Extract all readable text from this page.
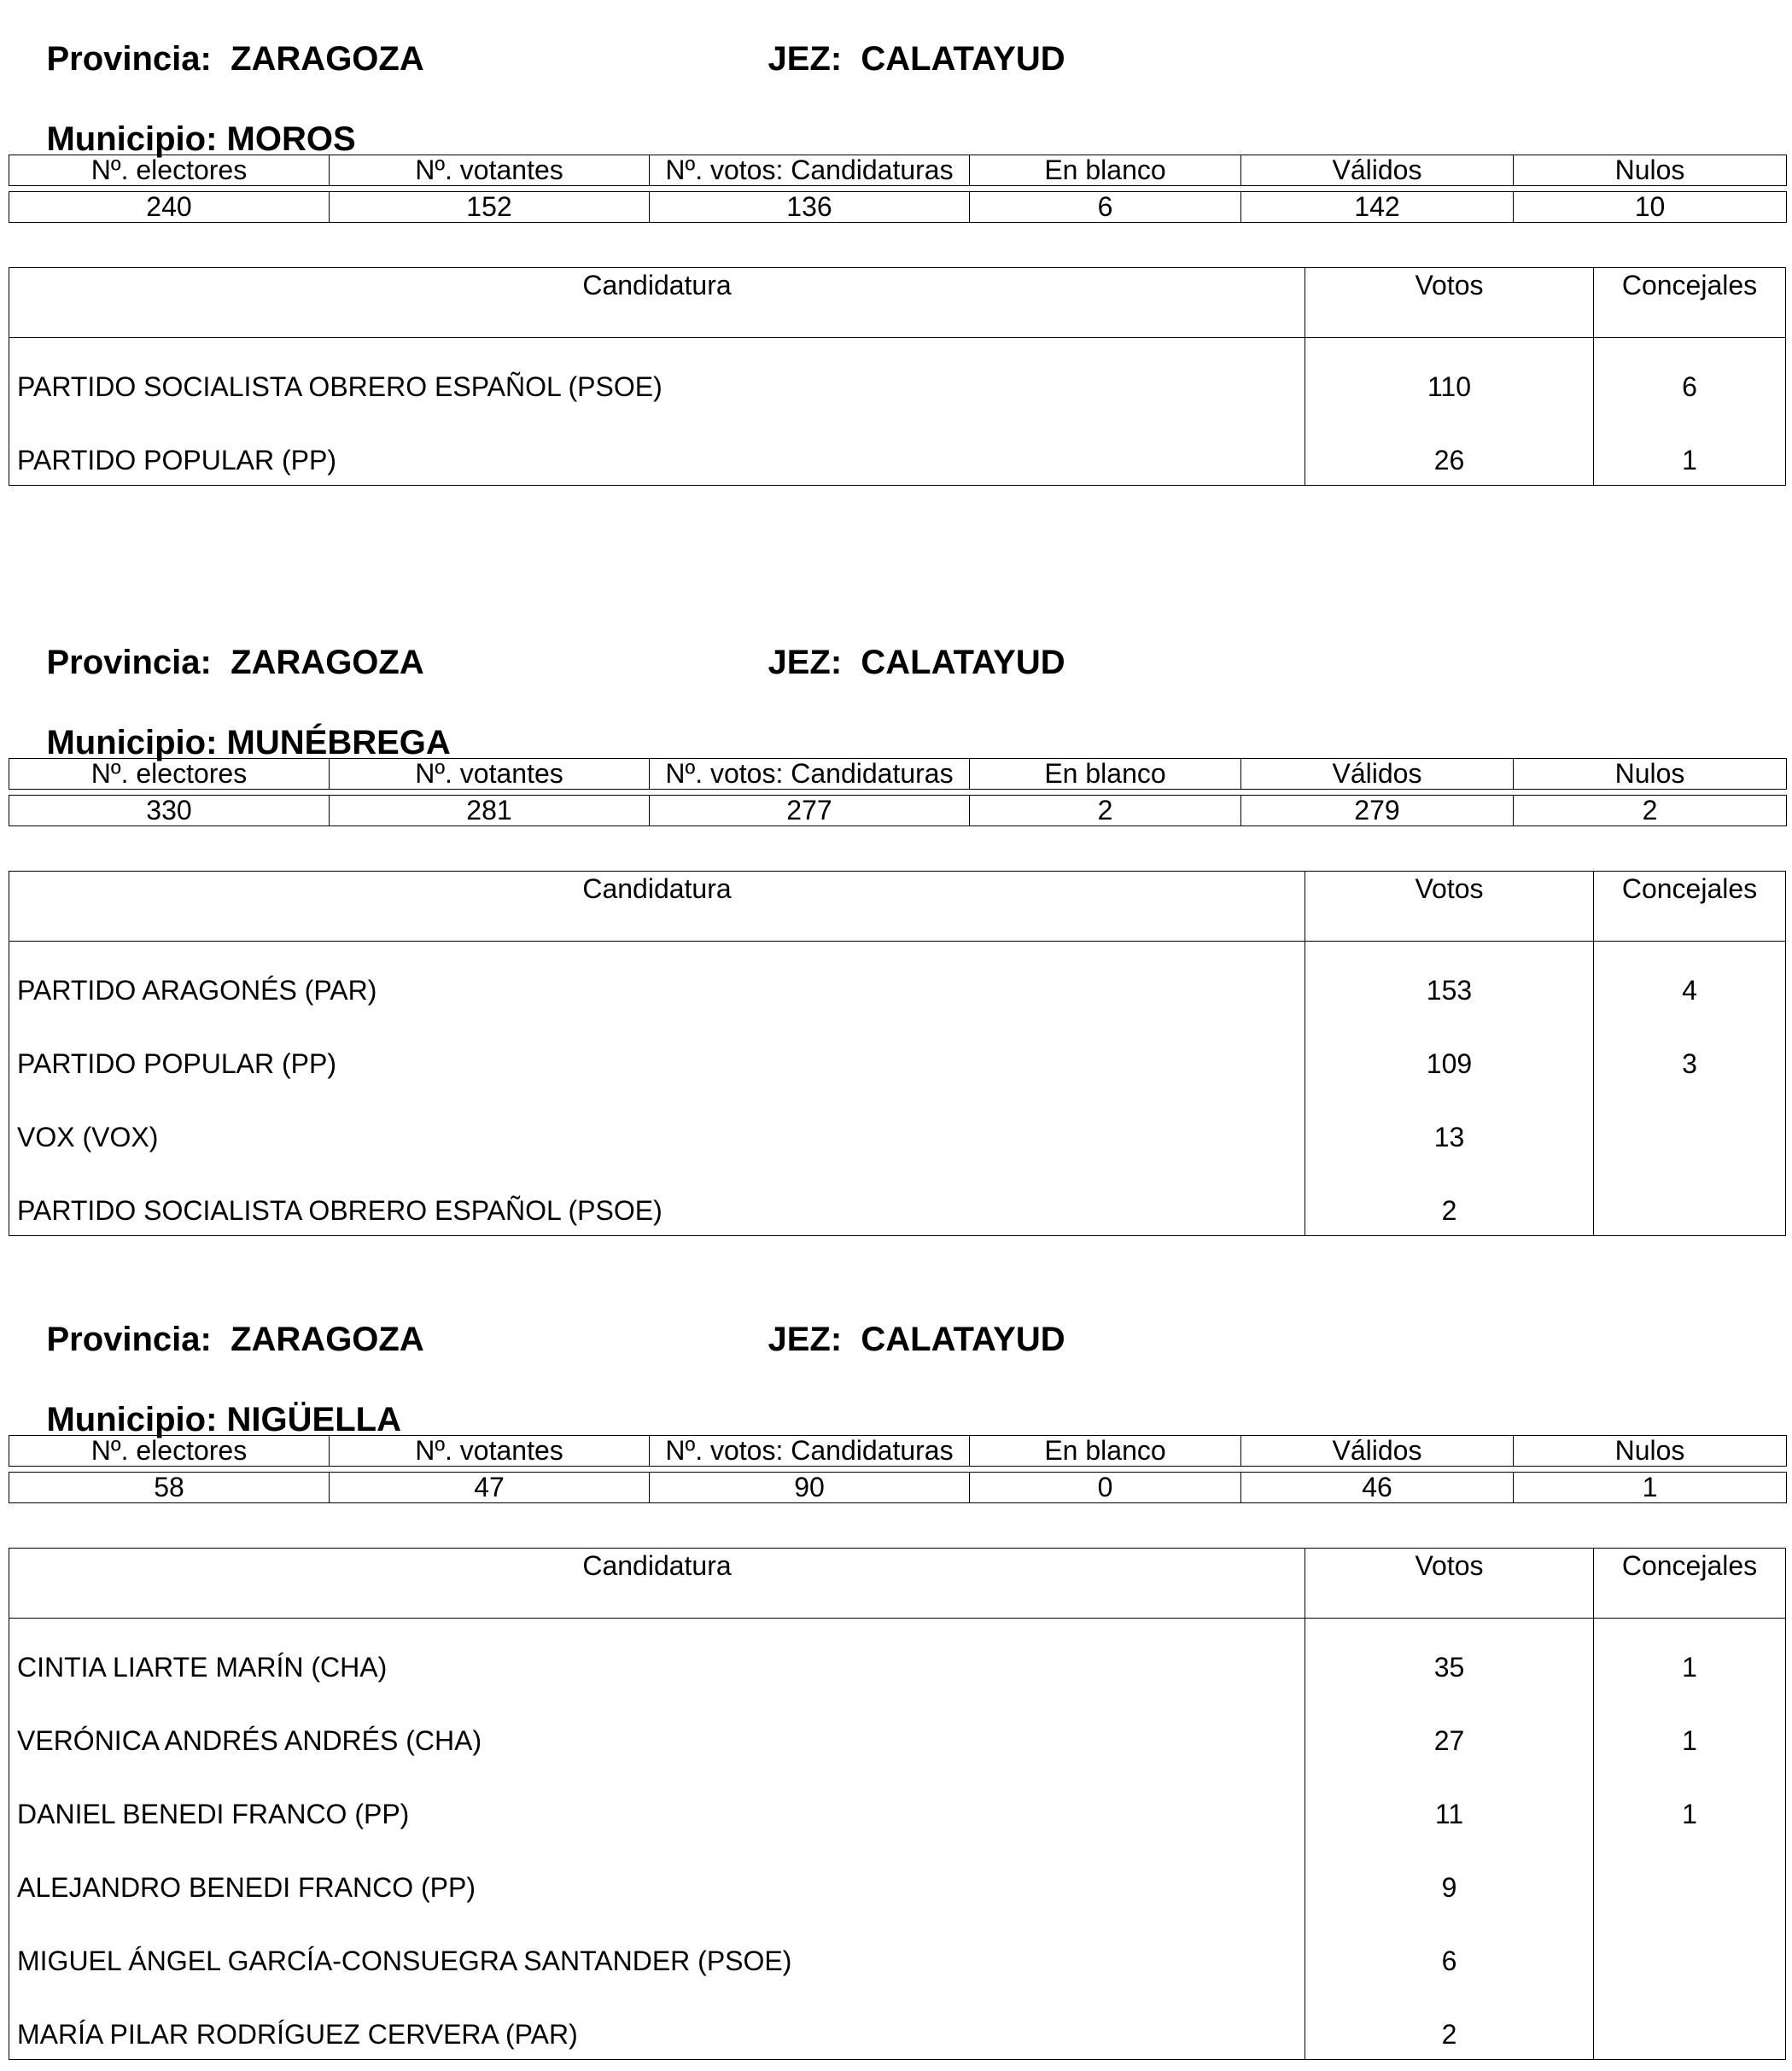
Provincia: ZARAGOZA
	JEZ: CALATAYUD

Municipio: MOROS

Nº. electores	Nº. votantes	Nº. votos: Candidaturas	En blanco	Válidos	Nulos

240	152	136	6	142	10
Candidatura	Votos	Concejales
PARTIDO SOCIALISTA OBRERO ESPAÑOL (PSOE)	110	6
PARTIDO POPULAR (PP)	26	1

Provincia: ZARAGOZA
	JEZ: CALATAYUD

Municipio: MUNÉBREGA

Nº. electores	Nº. votantes	Nº. votos: Candidaturas	En blanco	Válidos	Nulos

330	281	277	2	279	2
Candidatura	Votos	Concejales
PARTIDO ARAGONÉS (PAR)	153	4
PARTIDO POPULAR (PP)	109	3
VOX (VOX)	13
PARTIDO SOCIALISTA OBRERO ESPAÑOL (PSOE)	2

Provincia: ZARAGOZA
	JEZ: CALATAYUD

Municipio: NIGÜELLA

Nº. electores	Nº. votantes	Nº. votos: Candidaturas	En blanco	Válidos	Nulos

58	47	90	0	46	1
Candidatura	Votos	Concejales
CINTIA LIARTE MARÍN (CHA)	35	1
VERÓNICA ANDRÉS ANDRÉS (CHA)	27	1
DANIEL BENEDI FRANCO (PP)	11	1
ALEJANDRO BENEDI FRANCO (PP)	9
MIGUEL ÁNGEL GARCÍA-CONSUEGRA SANTANDER (PSOE)	6
MARÍA PILAR RODRÍGUEZ CERVERA (PAR)	2
